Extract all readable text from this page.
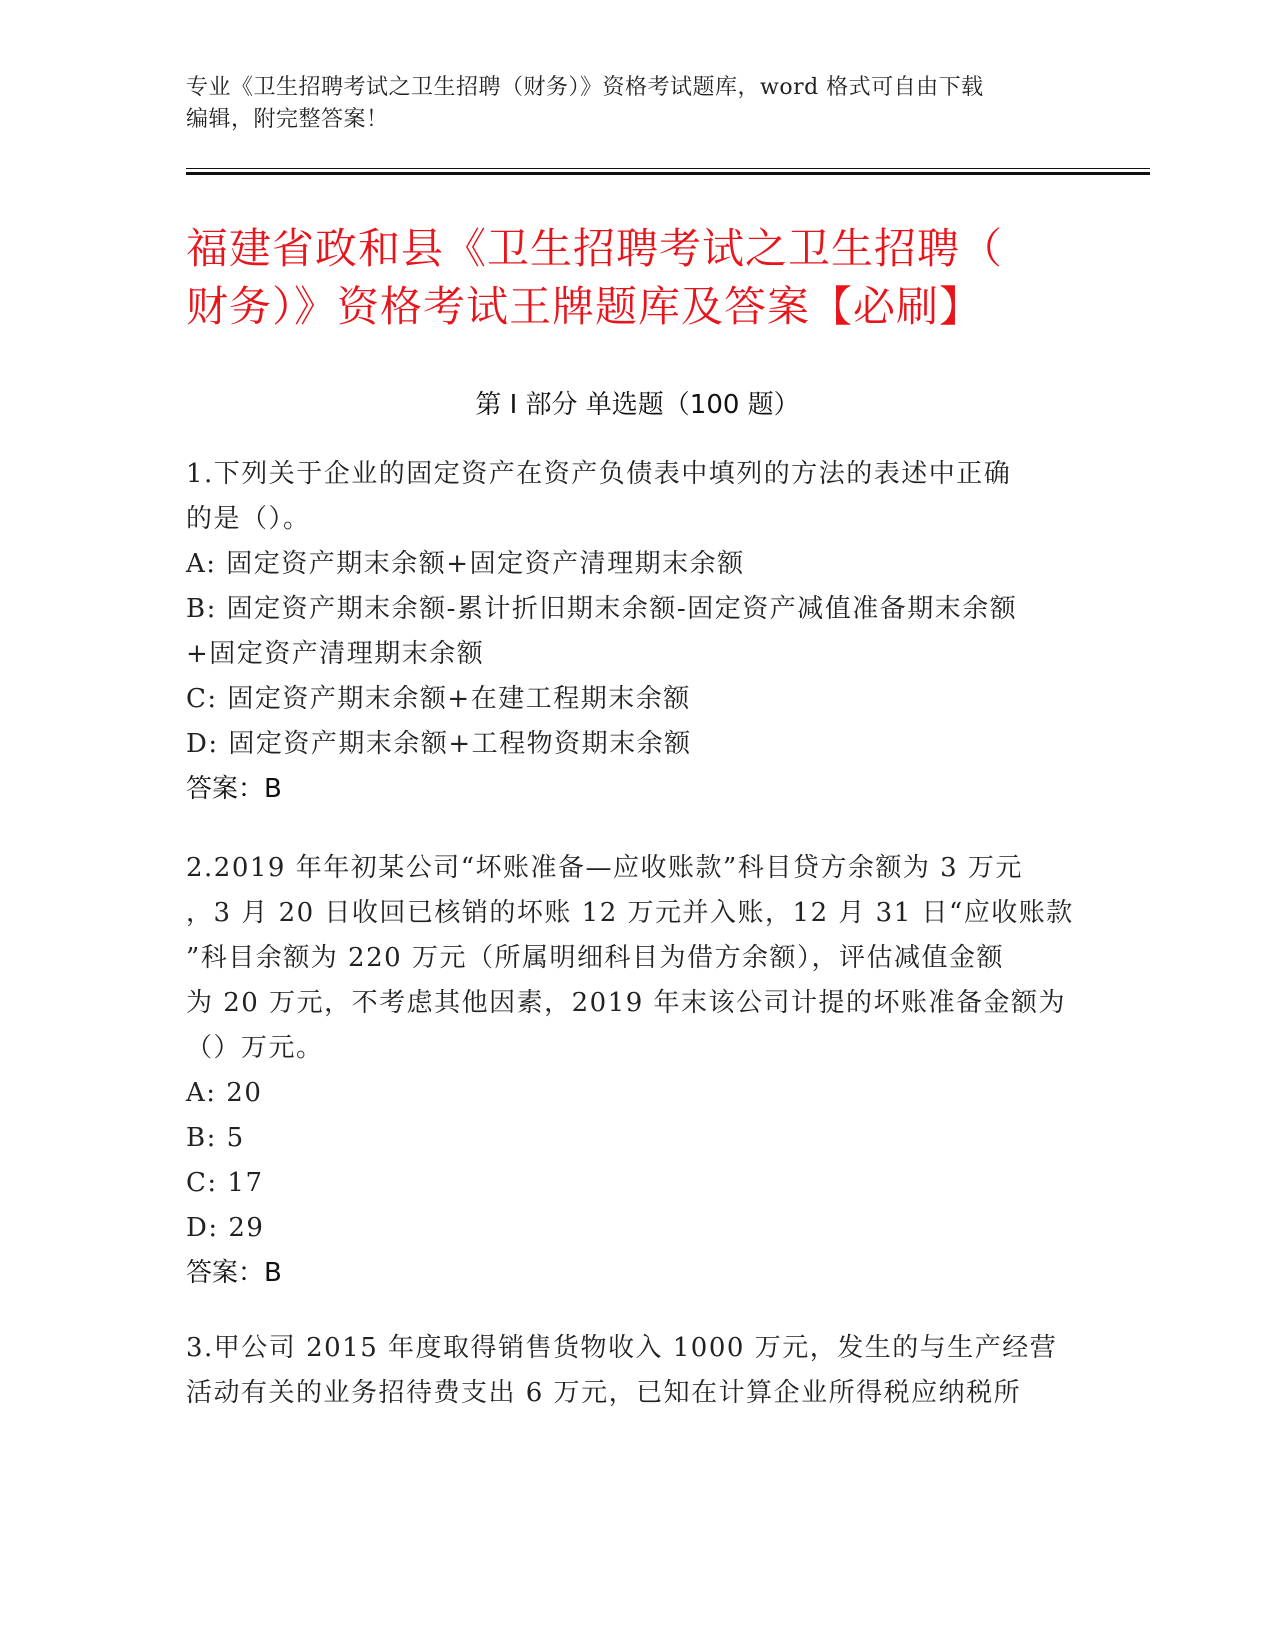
专业《卫生招聘考试之卫生招聘（财务）》资格考试题库，word 格式可自由下载
编辑，附完整答案！
福建省政和县《卫生招聘考试之卫生招聘（
财务）》资格考试王牌题库及答案【必刷】
第 I 部分 单选题（100 题）
1.下列关于企业的固定资产在资产负债表中填列的方法的表述中正确
的是（）。
A: 固定资产期末余额+固定资产清理期末余额
B: 固定资产期末余额-累计折旧期末余额-固定资产减值准备期末余额
+固定资产清理期末余额
C: 固定资产期末余额+在建工程期末余额
D: 固定资产期末余额+工程物资期末余额
答案：B
2.2019 年年初某公司“坏账准备—应收账款”科目贷方余额为 3 万元
，3 月 20 日收回已核销的坏账 12 万元并入账，12 月 31 日“应收账款
”科目余额为 220 万元（所属明细科目为借方余额），评估减值金额
为 20 万元，不考虑其他因素，2019 年末该公司计提的坏账准备金额为
（）万元。
A: 20
B: 5
C: 17
D: 29
答案：B
3.甲公司 2015 年度取得销售货物收入 1000 万元，发生的与生产经营
活动有关的业务招待费支出 6 万元，已知在计算企业所得税应纳税所
